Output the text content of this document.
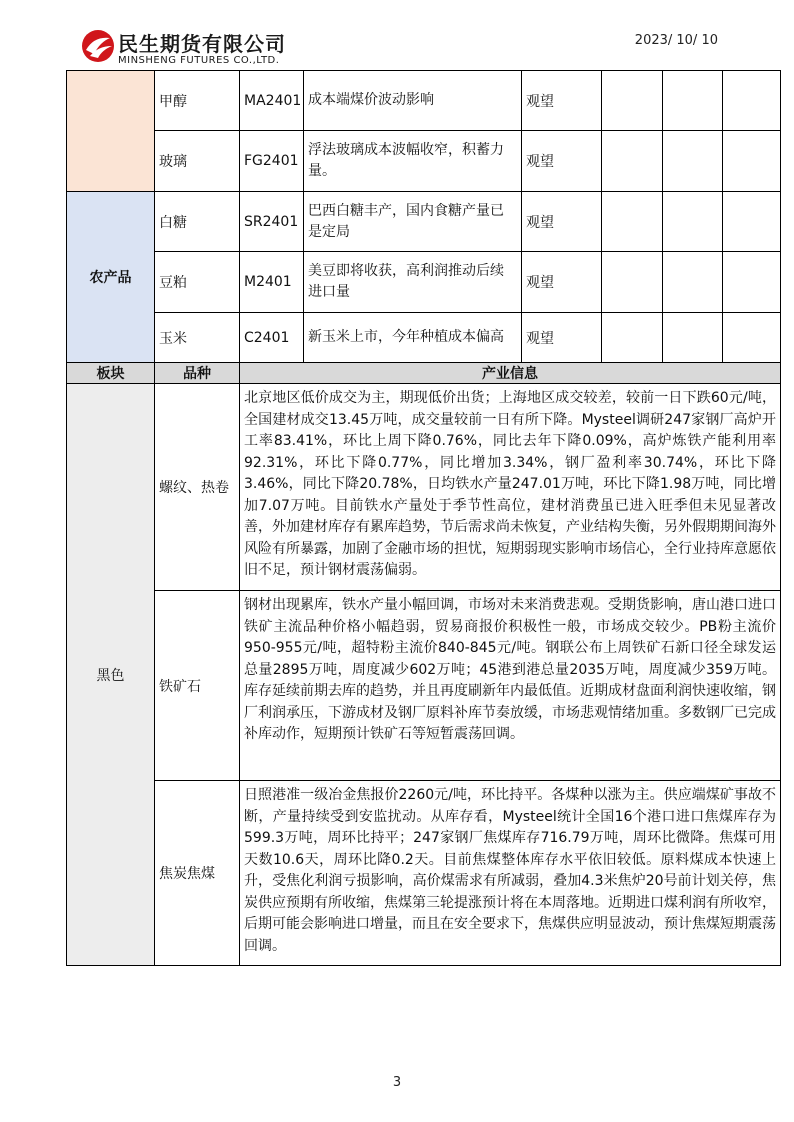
民生期货有限公司
MINSHENG FUTURES CO.,LTD.
2023/ 10/ 10
	甲醇	MA2401	成本端煤价波动影响	观望			
	玻璃	FG2401	浮法玻璃成本波幅收窄，积蓄力量。	观望			
农产品	白糖	SR2401	巴西白糖丰产，国内食糖产量已是定局	观望			
	豆粕	M2401	美豆即将收获，高利润推动后续进口量	观望			
	玉米	C2401	新玉米上市，今年种植成本偏高	观望			
板块	品种	产业信息					
黑色	螺纹、热卷	北京地区低价成交为主，期现低价出货；上海地区成交较差，较前一日下跌60元/吨，全国建材成交13.45万吨，成交量较前一日有所下降。Mysteel调研247家钢厂高炉开工率83.41%，环比上周下降0.76%，同比去年下降0.09%，高炉炼铁产能利用率92.31%，环比下降0.77%，同比增加3.34%，钢厂盈利率30.74%，环比下降3.46%，同比下降20.78%，日均铁水产量247.01万吨，环比下降1.98万吨，同比增加7.07万吨。目前铁水产量处于季节性高位，建材消费虽已进入旺季但未见显著改善，外加建材库存有累库趋势，节后需求尚未恢复，产业结构失衡，另外假期期间海外风险有所暴露，加剧了金融市场的担忧，短期弱现实影响市场信心，全行业持库意愿依旧不足，预计钢材震荡偏弱。					
	铁矿石	钢材出现累库，铁水产量小幅回调，市场对未来消费悲观。受期货影响，唐山港口进口铁矿主流品种价格小幅趋弱，贸易商报价积极性一般，市场成交较少。PB粉主流价950-955元/吨，超特粉主流价840-845元/吨。钢联公布上周铁矿石新口径全球发运总量2895万吨，周度减少602万吨；45港到港总量2035万吨，周度减少359万吨。库存延续前期去库的趋势，并且再度刷新年内最低值。近期成材盘面利润快速收缩，钢厂利润承压，下游成材及钢厂原料补库节奏放缓，市场悲观情绪加重。多数钢厂已完成补库动作，短期预计铁矿石等短暂震荡回调。					
	焦炭焦煤	日照港准一级冶金焦报价2260元/吨，环比持平。各煤种以涨为主。供应端煤矿事故不断，产量持续受到安监扰动。从库存看，Mysteel统计全国16个港口进口焦煤库存为599.3万吨，周环比持平；247家钢厂焦煤库存716.79万吨，周环比微降。焦煤可用天数10.6天，周环比降0.2天。目前焦煤整体库存水平依旧较低。原料煤成本快速上升，受焦化利润亏损影响，高价煤需求有所减弱，叠加4.3米焦炉20号前计划关停，焦炭供应预期有所收缩，焦煤第三轮提涨预计将在本周落地。近期进口煤利润有所收窄，后期可能会影响进口增量，而且在安全要求下，焦煤供应明显波动，预计焦煤短期震荡回调。					
3
